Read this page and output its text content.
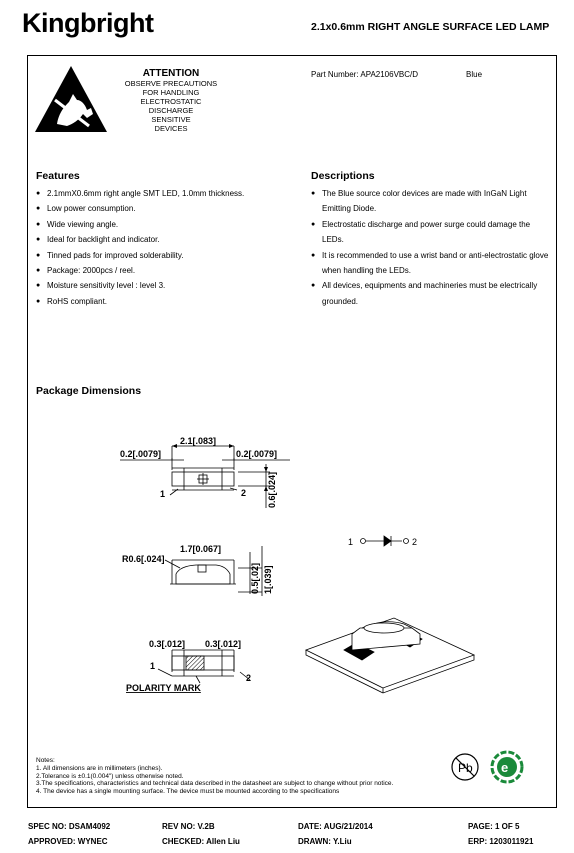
Kingbright	2.1x0.6mm RIGHT ANGLE SURFACE LED LAMP
ATTENTION
OBSERVE PRECAUTIONS
FOR HANDLING
ELECTROSTATIC
DISCHARGE
SENSITIVE
DEVICES
Part Number: APA2106VBC/D	Blue
Features
● 2.1mmX0.6mm right angle SMT LED, 1.0mm thickness.
● Low power consumption.
● Wide viewing angle.
● Ideal for backlight and indicator.
● Tinned pads for improved solderability.
● Package: 2000pcs / reel.
● Moisture sensitivity level : level 3.
● RoHS compliant.
Descriptions
● The Blue source color devices are made with InGaN Light Emitting Diode.
● Electrostatic discharge and power surge could damage the LEDs.
● It is recommended to use a wrist band or anti-electrostatic glove when handling the LEDs.
● All devices, equipments and machineries must be electrically grounded.
Package Dimensions
2.1[.083]
0.2[.0079]	0.2[.0079]
0.6[.024]
1	2
1.7[0.067]
R0.6[.024]
0.5[.02] 1[.039]
0.3[.012] 0.3[.012]
1
2
POLARITY MARK
1	2
Notes:
1. All dimensions are in millimeters (inches).
2.Tolerance is ±0.1(0.004") unless otherwise noted.
3.The specifications, characteristics and technical data described in the datasheet are subject to change without prior notice.
4. The device has a single mounting surface. The device must be mounted according to the specifications
Pb e
SPEC NO: DSAM4092	REV NO: V.2B	DATE: AUG/21/2014	PAGE: 1 OF 5
APPROVED: WYNEC	CHECKED: Allen Liu	DRAWN: Y.Liu	ERP: 1203011921
